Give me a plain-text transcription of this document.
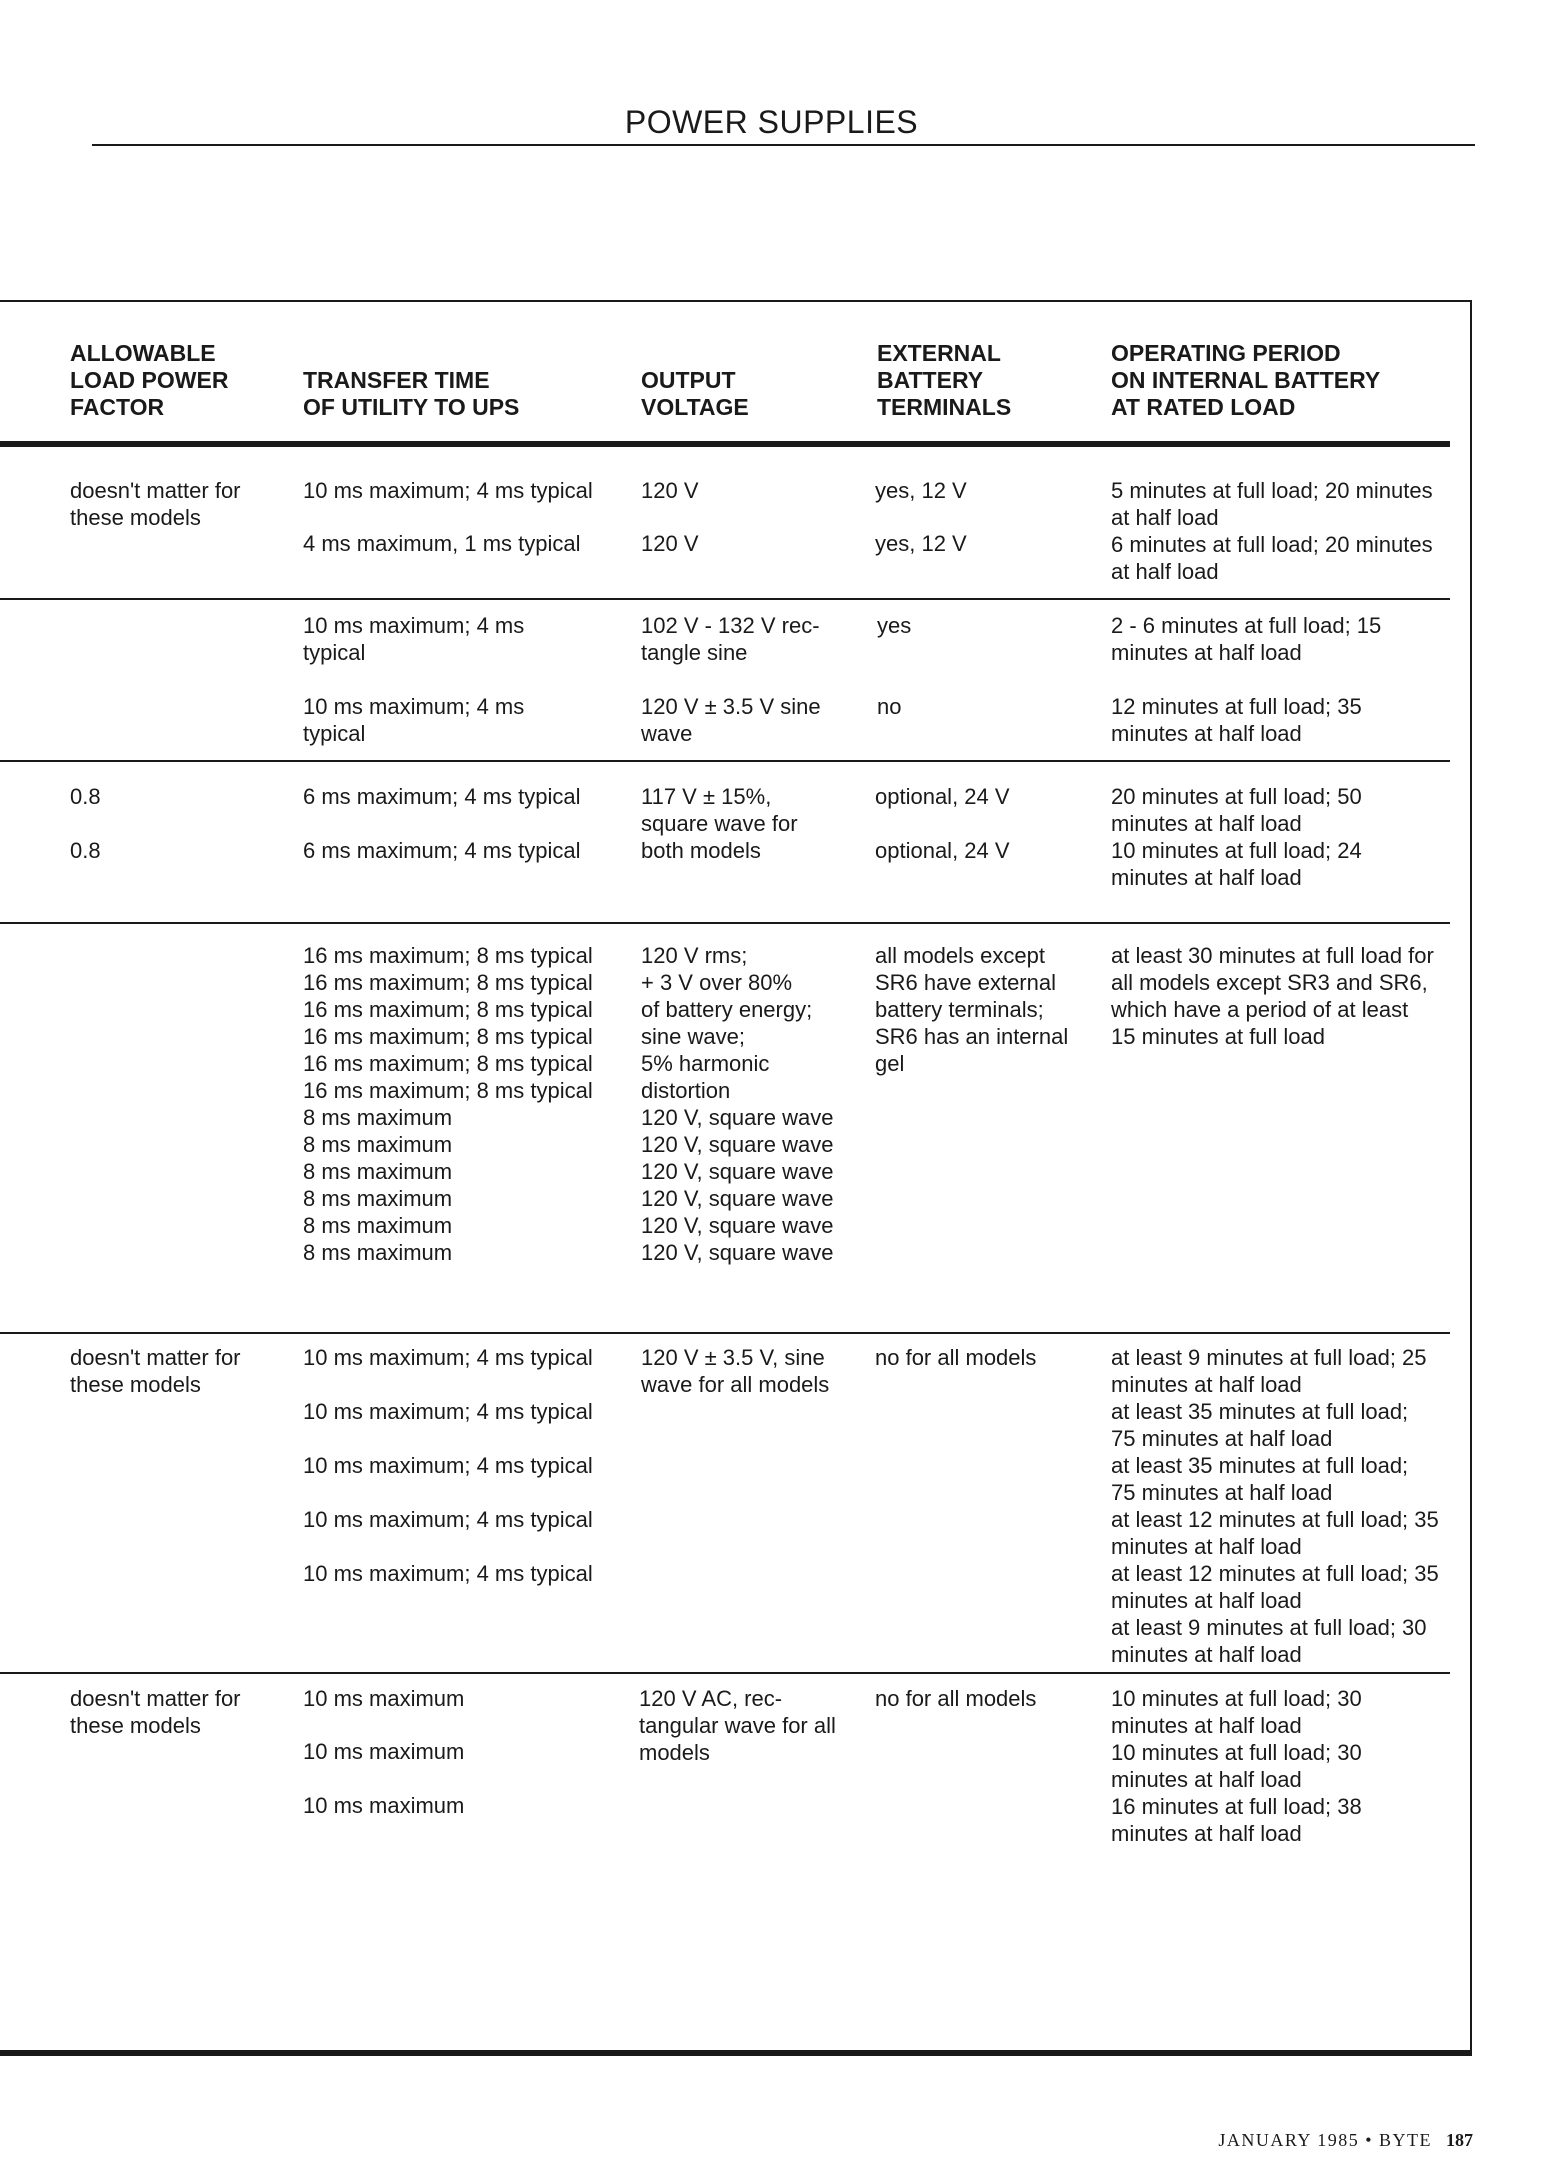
POWER SUPPLIES
ALLOWABLE
LOAD POWER
FACTOR
TRANSFER TIME
OF UTILITY TO UPS
OUTPUT
VOLTAGE
EXTERNAL
BATTERY
TERMINALS
OPERATING PERIOD
ON INTERNAL BATTERY
AT RATED LOAD
doesn't matter for
these models
10 ms maximum; 4 ms typical
4 ms maximum, 1 ms typical
120 V
120 V
yes, 12 V
yes, 12 V
5 minutes at full load; 20 minutes
at half load
6 minutes at full load; 20 minutes
at half load
10 ms maximum; 4 ms
typical
10 ms maximum; 4 ms
typical
102 V - 132 V rec-
tangle sine
120 V ± 3.5 V sine
wave
yes
no
2 - 6 minutes at full load; 15
minutes at half load
12 minutes at full load; 35
minutes at half load
0.8
0.8
6 ms maximum; 4 ms typical
6 ms maximum; 4 ms typical
117 V ± 15%,
square wave for
both models
optional, 24 V
optional, 24 V
20 minutes at full load; 50
minutes at half load
10 minutes at full load; 24
minutes at half load
16 ms maximum; 8 ms typical
16 ms maximum; 8 ms typical
16 ms maximum; 8 ms typical
16 ms maximum; 8 ms typical
16 ms maximum; 8 ms typical
16 ms maximum; 8 ms typical
8 ms maximum
8 ms maximum
8 ms maximum
8 ms maximum
8 ms maximum
8 ms maximum
120 V rms;
+ 3 V over 80%
of battery energy;
sine wave;
5% harmonic
distortion
120 V, square wave
120 V, square wave
120 V, square wave
120 V, square wave
120 V, square wave
120 V, square wave
all models except
SR6 have external
battery terminals;
SR6 has an internal
gel
at least 30 minutes at full load for
all models except SR3 and SR6,
which have a period of at least
15 minutes at full load
doesn't matter for
these models
10 ms maximum; 4 ms typical
10 ms maximum; 4 ms typical
10 ms maximum; 4 ms typical
10 ms maximum; 4 ms typical
10 ms maximum; 4 ms typical
120 V ± 3.5 V, sine
wave for all models
no for all models	at least 9 minutes at full load; 25
minutes at half load
at least 35 minutes at full load;
75 minutes at half load
at least 35 minutes at full load;
75 minutes at half load
at least 12 minutes at full load; 35
minutes at half load
at least 12 minutes at full load; 35
minutes at half load
at least 9 minutes at full load; 30
minutes at half load
doesn't matter for
these models
10 ms maximum
10 ms maximum
10 ms maximum
120 V AC, rec-
tangular wave for all
models
no for all models	10 minutes at full load; 30
minutes at half load
10 minutes at full load; 30
minutes at half load
16 minutes at full load; 38
minutes at half load
JANUARY 1985 • BYTE 187
